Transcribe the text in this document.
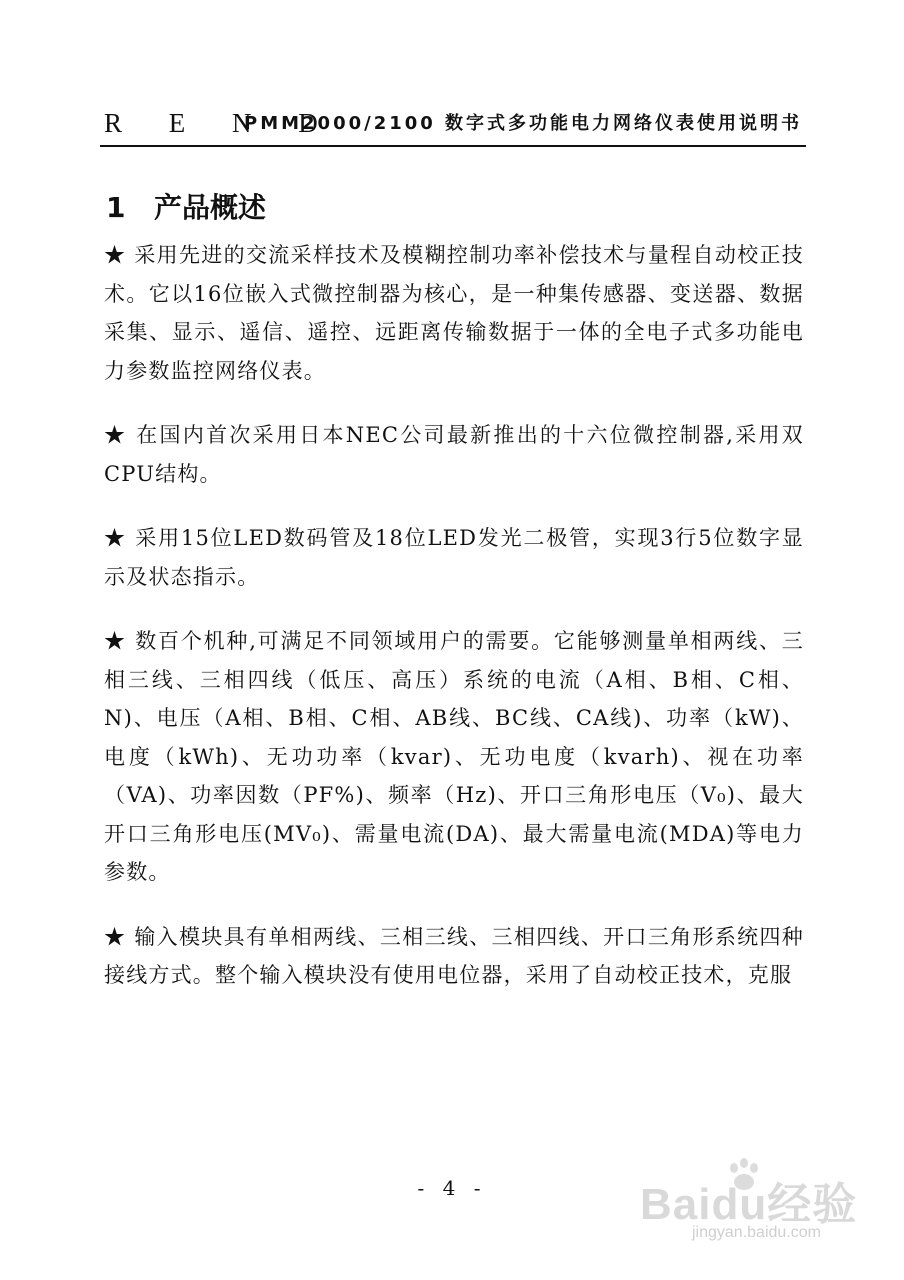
R E N D
PMM2000/2100 数字式多功能电力网络仪表使用说明书
1 产品概述

★ 采用先进的交流采样技术及模糊控制功率补偿技术与量程自动校正技术。它以16位嵌入式微控制器为核心，是一种集传感器、变送器、数据采集、显示、遥信、遥控、远距离传输数据于一体的全电子式多功能电力参数监控网络仪表。

★ 在国内首次采用日本NEC公司最新推出的十六位微控制器,采用双CPU结构。

★ 采用15位LED数码管及18位LED发光二极管，实现3行5位数字显示及状态指示。

★ 数百个机种,可满足不同领域用户的需要。它能够测量单相两线、三相三线、三相四线（低压、高压）系统的电流（A相、B相、C相、N)、电压（A相、B相、C相、AB线、BC线、CA线)、功率（kW)、电度（kWh)、无功功率（kvar)、无功电度（kvarh)、视在功率（VA)、功率因数（PF%)、频率（Hz)、开口三角形电压（V₀)、最大开口三角形电压(MV₀)、需量电流(DA)、最大需量电流(MDA)等电力参数。

★ 输入模块具有单相两线、三相三线、三相四线、开口三角形系统四种接线方式。整个输入模块没有使用电位器，采用了自动校正技术，克服

- 4 -	Baidu经验
jingyan.baidu.com
